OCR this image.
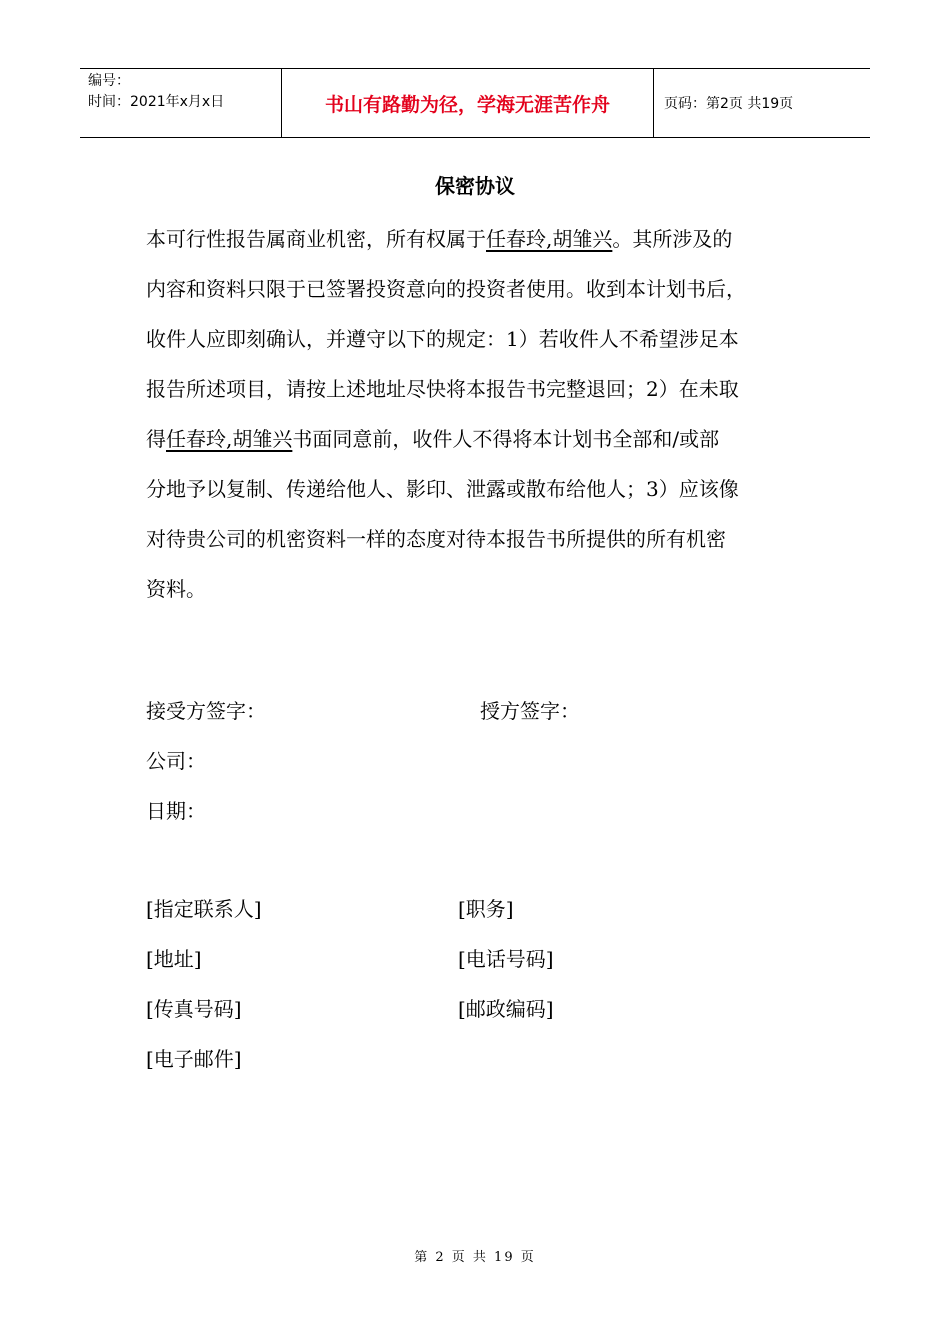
编号：
时间：2021年x月x日	书山有路勤为径，学海无涯苦作舟	页码：第2页 共19页
保密协议
本可行性报告属商业机密，所有权属于任春玲,胡雏兴。其所涉及的
内容和资料只限于已签署投资意向的投资者使用。收到本计划书后，
收件人应即刻确认，并遵守以下的规定：1）若收件人不希望涉足本
报告所述项目，请按上述地址尽快将本报告书完整退回；2）在未取
得任春玲,胡雏兴书面同意前，收件人不得将本计划书全部和/或部
分地予以复制、传递给他人、影印、泄露或散布给他人；3）应该像
对待贵公司的机密资料一样的态度对待本报告书所提供的所有机密
资料。
接受方签字：	授方签字：
公司：
日期：
[指定联系人]	[职务]
[地址]	[电话号码]
[传真号码]	[邮政编码]
[电子邮件]
第 2 页 共 19 页
